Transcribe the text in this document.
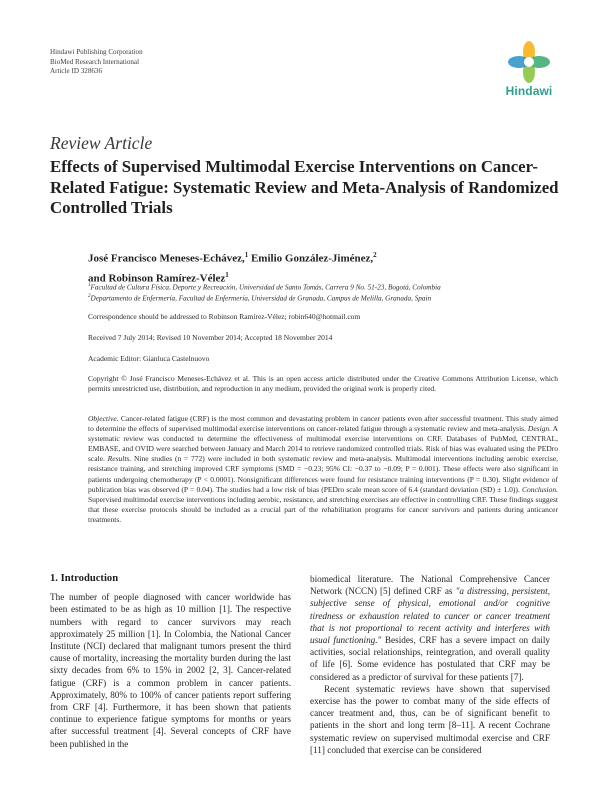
Hindawi Publishing Corporation
BioMed Research International
Article ID 328636
Hindawi
Review Article
Effects of Supervised Multimodal Exercise Interventions on Cancer-Related Fatigue: Systematic Review and Meta-Analysis of Randomized Controlled Trials
José Francisco Meneses-Echávez,$^1$ Emilio González-Jiménez,$^2$
and Robinson Ramírez-Vélez$^1$
$^1$Facultad de Cultura Física, Deporte y Recreación, Universidad de Santo Tomás, Carrera 9 No. 51-23, Bogotá, Colombia
$^2$Departamento de Enfermería, Facultad de Enfermería, Universidad de Granada, Campus de Melilla, Granada, Spain
Correspondence should be addressed to Robinson Ramírez-Vélez; robin640@hotmail.com
Received 7 July 2014; Revised 10 November 2014; Accepted 18 November 2014
Academic Editor: Gianluca Castelnuovo
Copyright © José Francisco Meneses-Echávez et al. This is an open access article distributed under the Creative Commons Attribution License, which permits unrestricted use, distribution, and reproduction in any medium, provided the original work is properly cited.
Objective. Cancer-related fatigue (CRF) is the most common and devastating problem in cancer patients even after successful treatment. This study aimed to determine the effects of supervised multimodal exercise interventions on cancer-related fatigue through a systematic review and meta-analysis. Design. A systematic review was conducted to determine the effectiveness of multimodal exercise interventions on CRF. Databases of PubMed, CENTRAL, EMBASE, and OVID were searched between January and March 2014 to retrieve randomized controlled trials. Risk of bias was evaluated using the PEDro scale. Results. Nine studies (n = 772) were included in both systematic review and meta-analysis. Multimodal interventions including aerobic exercise, resistance training, and stretching improved CRF symptoms (SMD = −0.23; 95% CI: −0.37 to −0.09; P = 0.001). These effects were also significant in patients undergoing chemotherapy (P < 0.0001). Nonsignificant differences were found for resistance training interventions (P = 0.30). Slight evidence of publication bias was observed (P = 0.04). The studies had a low risk of bias (PEDro scale mean score of 6.4 (standard deviation (SD) ± 1.0)). Conclusion. Supervised multimodal exercise interventions including aerobic, resistance, and stretching exercises are effective in controlling CRF. These findings suggest that these exercise protocols should be included as a crucial part of the rehabilitation programs for cancer survivors and patients during anticancer treatments.
1. Introduction

The number of people diagnosed with cancer worldwide has been estimated to be as high as 10 million [1]. The respective numbers with regard to cancer survivors may reach approximately 25 million [1]. In Colombia, the National Cancer Institute (NCI) declared that malignant tumors present the third cause of mortality, increasing the mortality burden during the last sixty decades from 6% to 15% in 2002 [2, 3]. Cancer-related fatigue (CRF) is a common problem in cancer patients. Approximately, 80% to 100% of cancer patients report suffering from CRF [4]. Furthermore, it has been shown that patients continue to experience fatigue symptoms for months or years after successful treatment [4]. Several concepts of CRF have been published in the

biomedical literature. The National Comprehensive Cancer Network (NCCN) [5] defined CRF as "a distressing, persistent, subjective sense of physical, emotional and/or cognitive tiredness or exhaustion related to cancer or cancer treatment that is not proportional to recent activity and interferes with usual functioning." Besides, CRF has a severe impact on daily activities, social relationships, reintegration, and overall quality of life [6]. Some evidence has postulated that CRF may be considered as a predictor of survival for these patients [7].

Recent systematic reviews have shown that supervised exercise has the power to combat many of the side effects of cancer treatment and, thus, can be of significant benefit to patients in the short and long term [8–11]. A recent Cochrane systematic review on supervised multimodal exercise and CRF [11] concluded that exercise can be considered
